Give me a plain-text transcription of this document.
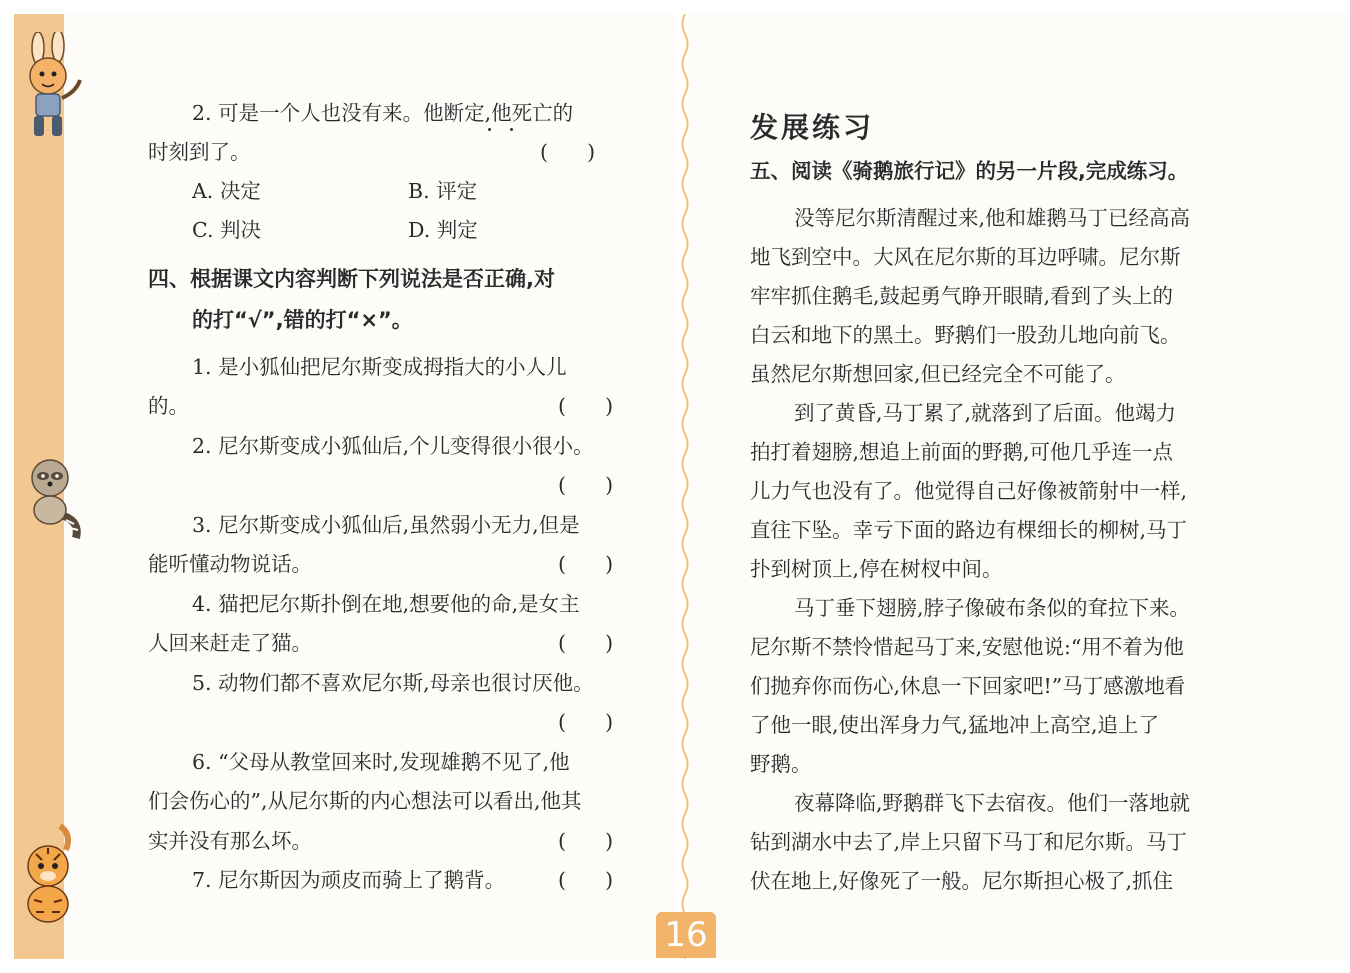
2. 可是一个人也没有来。他断定,他死亡的
时刻到了。	(      )
A. 决定	B. 评定
C. 判决	D. 判定
四、根据课文内容判断下列说法是否正确,对
的打“√”,错的打“×”。
1. 是小狐仙把尼尔斯变成拇指大的小人儿
的。	(      )
2. 尼尔斯变成小狐仙后,个儿变得很小很小。
(      )
3. 尼尔斯变成小狐仙后,虽然弱小无力,但是
能听懂动物说话。	(      )
4. 猫把尼尔斯扑倒在地,想要他的命,是女主
人回来赶走了猫。	(      )
5. 动物们都不喜欢尼尔斯,母亲也很讨厌他。
(      )
6. “父母从教堂回来时,发现雄鹅不见了,他
们会伤心的”,从尼尔斯的内心想法可以看出,他其
实并没有那么坏。	(      )
7. 尼尔斯因为顽皮而骑上了鹅背。	(      )
发展练习
五、阅读《骑鹅旅行记》的另一片段,完成练习。
没等尼尔斯清醒过来,他和雄鹅马丁已经高高
地飞到空中。大风在尼尔斯的耳边呼啸。尼尔斯
牢牢抓住鹅毛,鼓起勇气睁开眼睛,看到了头上的
白云和地下的黑土。野鹅们一股劲儿地向前飞。
虽然尼尔斯想回家,但已经完全不可能了。
到了黄昏,马丁累了,就落到了后面。他竭力
拍打着翅膀,想追上前面的野鹅,可他几乎连一点
儿力气也没有了。他觉得自己好像被箭射中一样,
直往下坠。幸亏下面的路边有棵细长的柳树,马丁
扑到树顶上,停在树杈中间。
马丁垂下翅膀,脖子像破布条似的耷拉下来。
尼尔斯不禁怜惜起马丁来,安慰他说:“用不着为他
们抛弃你而伤心,休息一下回家吧!”马丁感激地看
了他一眼,使出浑身力气,猛地冲上高空,追上了
野鹅。
夜幕降临,野鹅群飞下去宿夜。他们一落地就
钻到湖水中去了,岸上只留下马丁和尼尔斯。马丁
伏在地上,好像死了一般。尼尔斯担心极了,抓住
16
